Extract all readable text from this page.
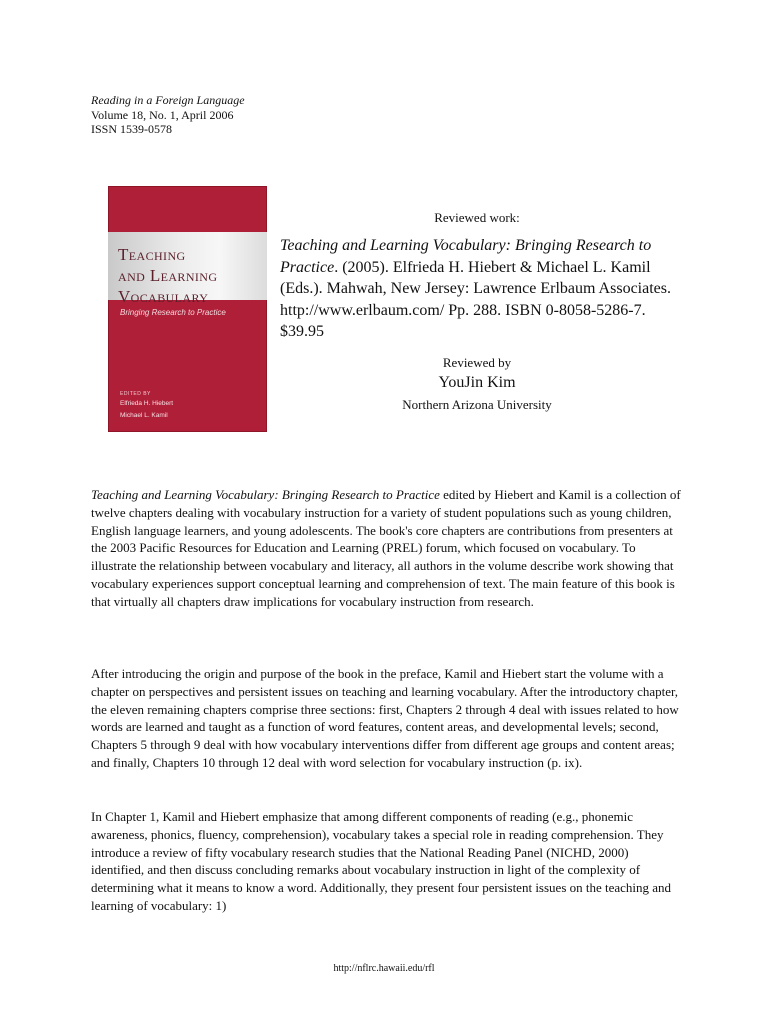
Reading in a Foreign Language
Volume 18, No. 1, April 2006
ISSN 1539-0578
Teaching
and Learning
Vocabulary
Bringing Research to Practice
EDITED BY
Elfrieda H. Hiebert
Michael L. Kamil
Reviewed work:
Teaching and Learning Vocabulary: Bringing Research to Practice. (2005). Elfrieda H. Hiebert & Michael L. Kamil (Eds.). Mahwah, New Jersey: Lawrence Erlbaum Associates. http://www.erlbaum.com/ Pp. 288. ISBN 0-8058-5286-7. $39.95
Reviewed by
YouJin Kim
Northern Arizona University

Teaching and Learning Vocabulary: Bringing Research to Practice edited by Hiebert and Kamil is a collection of twelve chapters dealing with vocabulary instruction for a variety of student populations such as young children, English language learners, and young adolescents. The book's core chapters are contributions from presenters at the 2003 Pacific Resources for Education and Learning (PREL) forum, which focused on vocabulary. To illustrate the relationship between vocabulary and literacy, all authors in the volume describe work showing that vocabulary experiences support conceptual learning and comprehension of text. The main feature of this book is that virtually all chapters draw implications for vocabulary instruction from research.

After introducing the origin and purpose of the book in the preface, Kamil and Hiebert start the volume with a chapter on perspectives and persistent issues on teaching and learning vocabulary. After the introductory chapter, the eleven remaining chapters comprise three sections: first, Chapters 2 through 4 deal with issues related to how words are learned and taught as a function of word features, content areas, and developmental levels; second, Chapters 5 through 9 deal with how vocabulary interventions differ from different age groups and content areas; and finally, Chapters 10 through 12 deal with word selection for vocabulary instruction (p. ix).

In Chapter 1, Kamil and Hiebert emphasize that among different components of reading (e.g., phonemic awareness, phonics, fluency, comprehension), vocabulary takes a special role in reading comprehension. They introduce a review of fifty vocabulary research studies that the National Reading Panel (NICHD, 2000) identified, and then discuss concluding remarks about vocabulary instruction in light of the complexity of determining what it means to know a word. Additionally, they present four persistent issues on the teaching and learning of vocabulary: 1)

http://nflrc.hawaii.edu/rfl
